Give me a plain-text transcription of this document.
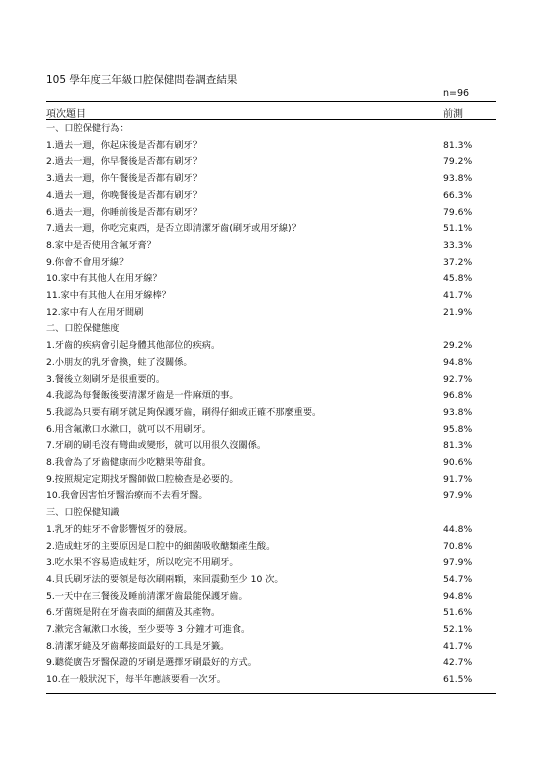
105 學年度三年級口腔保健問卷調查結果
n=96
項次題目	前測
一、口腔保健行為：
1.過去一週，你起床後是否都有刷牙？	81.3%
2.過去一週，你早餐後是否都有刷牙？	79.2%
3.過去一週，你午餐後是否都有刷牙？	93.8%
4.過去一週，你晚餐後是否都有刷牙？	66.3%
6.過去一週，你睡前後是否都有刷牙？	79.6%
7.過去一週，你吃完東西，是否立即清潔牙齒(刷牙或用牙線)？	51.1%
8.家中是否使用含氟牙膏？	33.3%
9.你會不會用牙線？	37.2%
10.家中有其他人在用牙線？	45.8%
11.家中有其他人在用牙線棒？	41.7%
12.家中有人在用牙間刷	21.9%
二、口腔保健態度
1.牙齒的疾病會引起身體其他部位的疾病。	29.2%
2.小朋友的乳牙會換，蛀了沒關係。	94.8%
3.餐後立刻刷牙是很重要的。	92.7%
4.我認為每餐飯後要清潔牙齒是一件麻煩的事。	96.8%
5.我認為只要有刷牙就足夠保護牙齒，刷得仔細或正確不那麼重要。	93.8%
6.用含氟漱口水漱口，就可以不用刷牙。	95.8%
7.牙刷的刷毛沒有彎曲或變形，就可以用很久沒關係。	81.3%
8.我會為了牙齒健康而少吃糖果等甜食。	90.6%
9.按照規定定期找牙醫師做口腔檢查是必要的。	91.7%
10.我會因害怕牙醫治療而不去看牙醫。	97.9%
三、口腔保健知識
1.乳牙的蛀牙不會影響恆牙的發展。	44.8%
2.造成蛀牙的主要原因是口腔中的細菌吸收醣類產生酸。	70.8%
3.吃水果不容易造成蛀牙，所以吃完不用刷牙。	97.9%
4.貝氏刷牙法的要領是每次刷兩顆，來回震動至少 10 次。	54.7%
5.一天中在三餐後及睡前清潔牙齒最能保護牙齒。	94.8%
6.牙菌斑是附在牙齒表面的細菌及其產物。	51.6%
7.漱完含氟漱口水後，至少要等 3 分鐘才可進食。	52.1%
8.清潔牙縫及牙齒鄰接面最好的工具是牙籤。	41.7%
9.聽從廣告牙醫保證的牙刷是選擇牙刷最好的方式。	42.7%
10.在一般狀況下，每半年應該要看一次牙。	61.5%
